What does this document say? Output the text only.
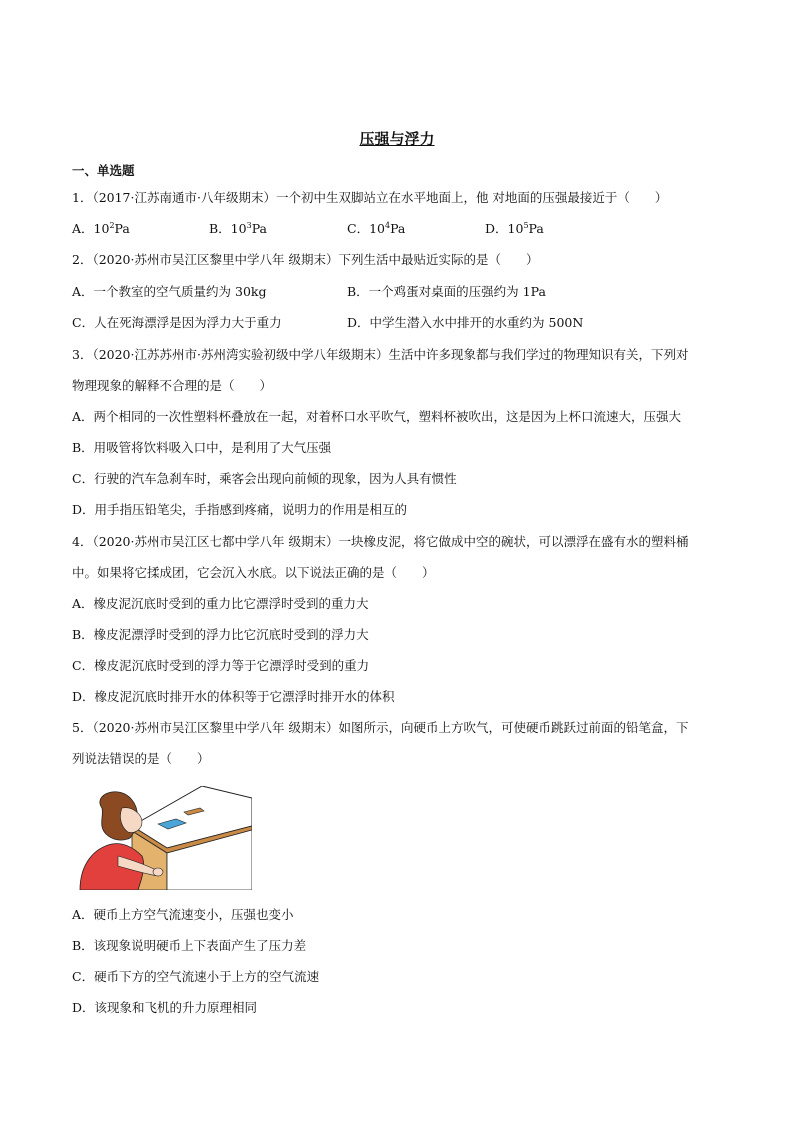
压强与浮力
一、单选题
1．（2017·江苏南通市·八年级期末）一个初中生双脚站立在水平地面上，他 对地面的压强最接近于（　　）
A．$10^2Pa$	B．$10^3Pa$	C．$10^4Pa$	D．$10^5Pa$
2．（2020·苏州市吴江区黎里中学八年 级期末）下列生活中最贴近实际的是（　　）
A．一个教室的空气质量约为 30kg	B．一个鸡蛋对桌面的压强约为 1Pa
C．人在死海漂浮是因为浮力大于重力	D．中学生潜入水中排开的水重约为 500N
3．（2020·江苏苏州市·苏州湾实验初级中学八年级期末）生活中许多现象都与我们学过的物理知识有关，下列对
物理现象的解释不合理的是（　　）
A．两个相同的一次性塑料杯叠放在一起，对着杯口水平吹气，塑料杯被吹出，这是因为上杯口流速大，压强大
B．用吸管将饮料吸入口中，是利用了大气压强
C．行驶的汽车急刹车时，乘客会出现向前倾的现象，因为人具有惯性
D．用手指压铅笔尖，手指感到疼痛，说明力的作用是相互的
4．（2020·苏州市吴江区七都中学八年 级期末）一块橡皮泥，将它做成中空的碗状，可以漂浮在盛有水的塑料桶
中。如果将它揉成团，它会沉入水底。以下说法正确的是（　　）
A．橡皮泥沉底时受到的重力比它漂浮时受到的重力大
B．橡皮泥漂浮时受到的浮力比它沉底时受到的浮力大
C．橡皮泥沉底时受到的浮力等于它漂浮时受到的重力
D．橡皮泥沉底时排开水的体积等于它漂浮时排开水的体积
5．（2020·苏州市吴江区黎里中学八年 级期末）如图所示，向硬币上方吹气，可使硬币跳跃过前面的铅笔盒，下
列说法错误的是（　　）
A．硬币上方空气流速变小，压强也变小
B．该现象说明硬币上下表面产生了压力差
C．硬币下方的空气流速小于上方的空气流速
D．该现象和飞机的升力原理相同
